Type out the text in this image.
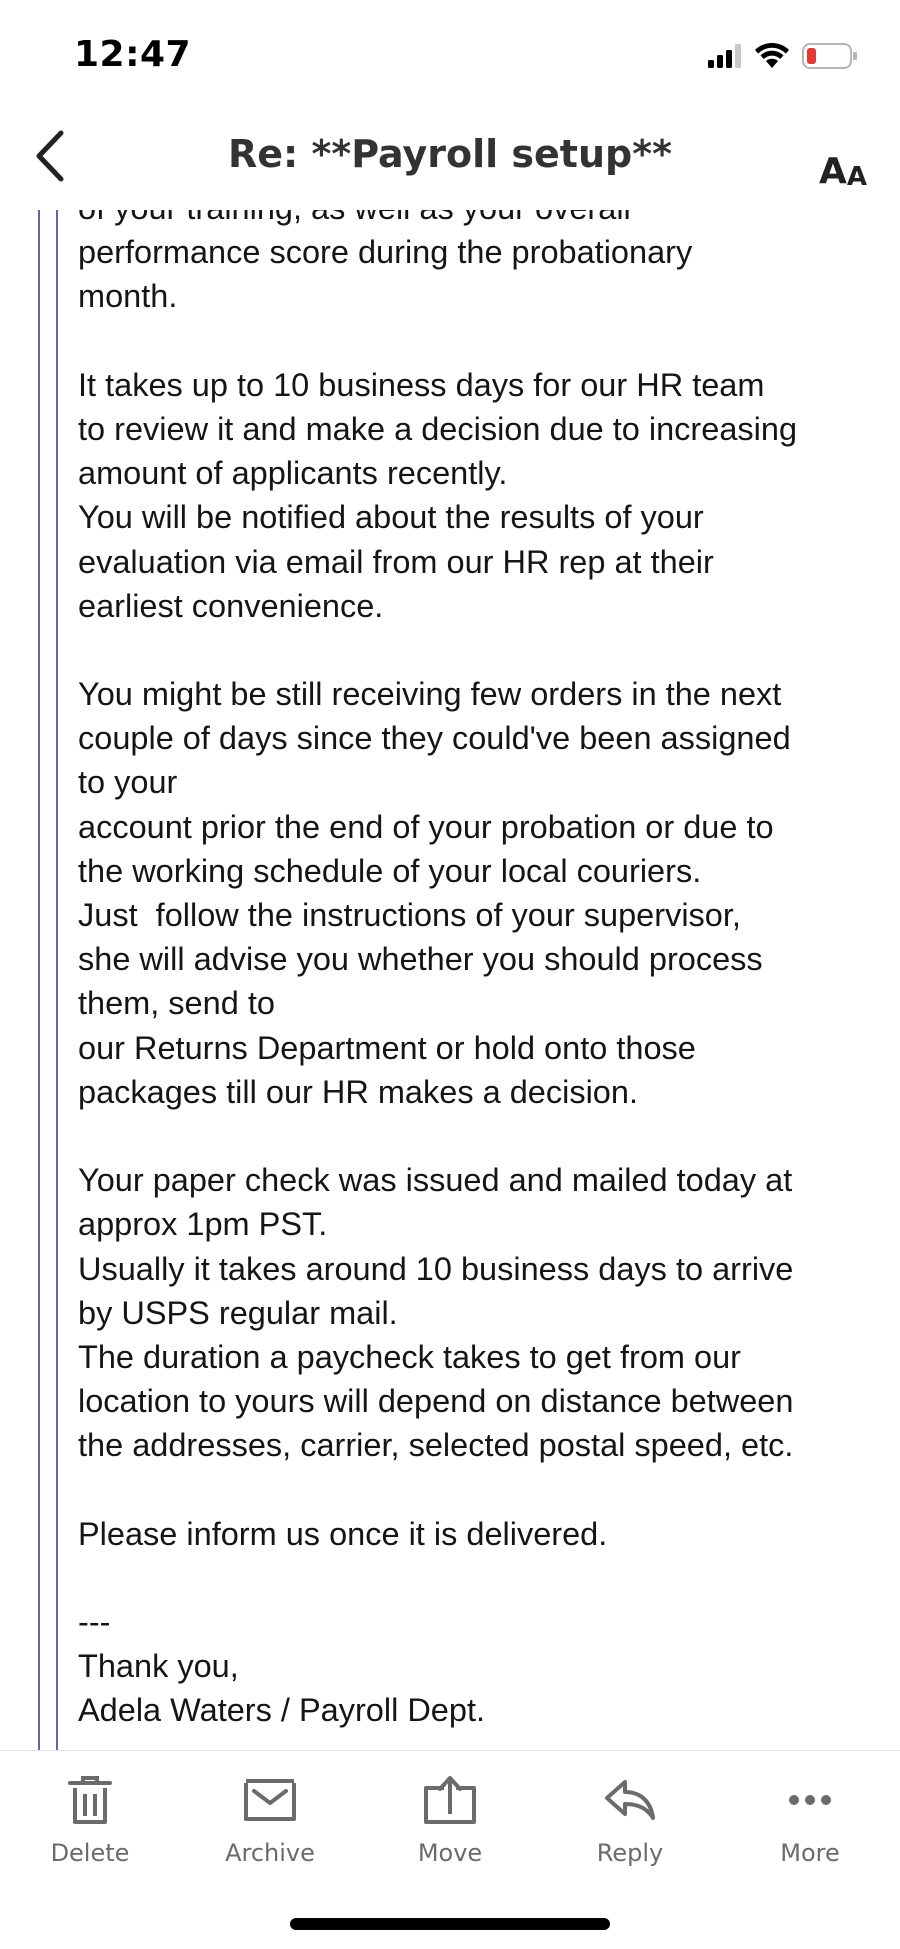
12:47
Re: **Payroll setup**	A A
performance score during the probationary
month.
It takes up to 10 business days for our HR team
to review it and make a decision due to increasing
amount of applicants recently.
You will be notified about the results of your
evaluation via email from our HR rep at their
earliest convenience.
You might be still receiving few orders in the next
couple of days since they could've been assigned
to your
account prior the end of your probation or due to
the working schedule of your local couriers.
Just  follow the instructions of your supervisor,
she will advise you whether you should process
them, send to
our Returns Department or hold onto those
packages till our HR makes a decision.
Your paper check was issued and mailed today at
approx 1pm PST.
Usually it takes around 10 business days to arrive
by USPS regular mail.
The duration a paycheck takes to get from our
location to yours will depend on distance between
the addresses, carrier, selected postal speed, etc.
Please inform us once it is delivered.
---
Thank you,
Adela Waters / Payroll Dept.
Delete	Archive	Move	Reply	More
